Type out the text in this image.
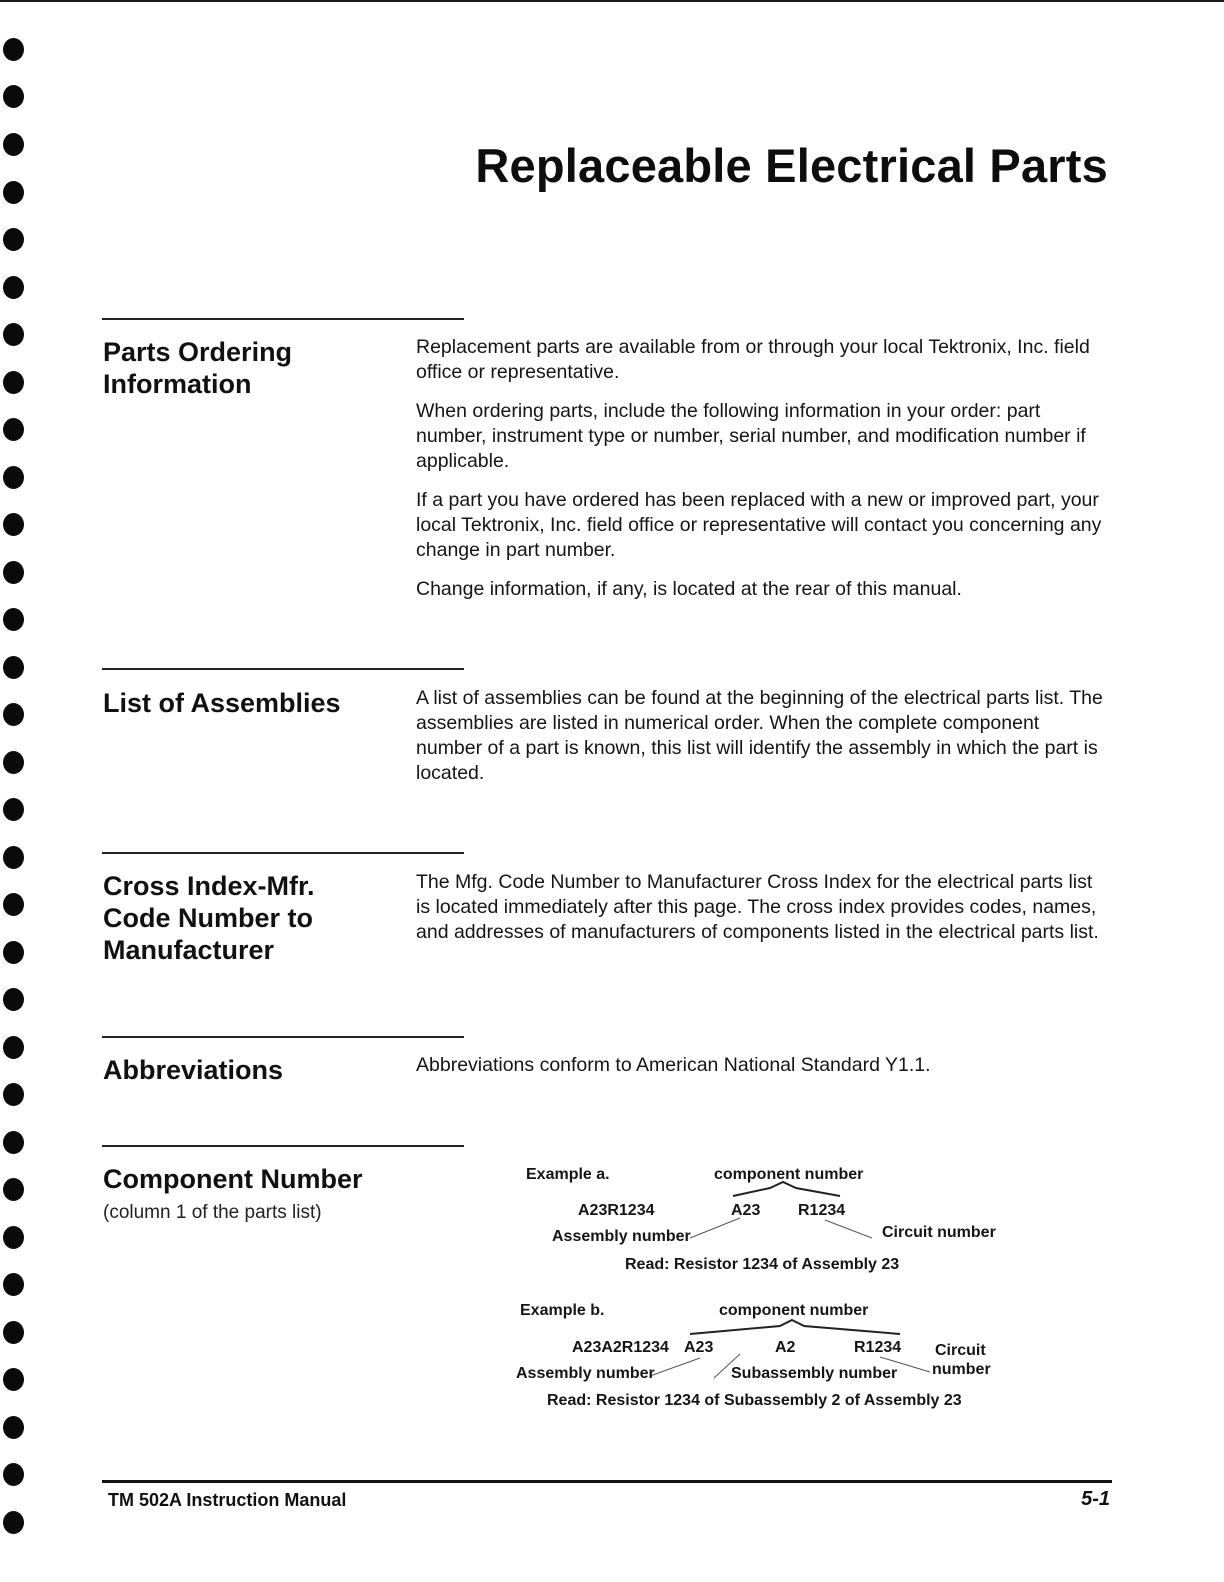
Replaceable Electrical Parts
Parts Ordering Information

Replacement parts are available from or through your local Tektronix, Inc. field office or representative.

When ordering parts, include the following information in your order: part number, instrument type or number, serial number, and modification number if applicable.

If a part you have ordered has been replaced with a new or improved part, your local Tektronix, Inc. field office or representative will contact you concerning any change in part number.

Change information, if any, is located at the rear of this manual.

List of Assemblies	A list of assemblies can be found at the beginning of the electrical parts list. The assemblies are listed in numerical order. When the complete component number of a part is known, this list will identify the assembly in which the part is located.

Cross Index-Mfr. Code Number to Manufacturer

The Mfg. Code Number to Manufacturer Cross Index for the electrical parts list is located immediately after this page. The cross index provides codes, names, and addresses of manufacturers of components listed in the electrical parts list.

Abbreviations	Abbreviations conform to American National Standard Y1.1.

Component Number
(column 1 of the parts list)
Example a.	component number
A23R1234	A23 R1234
Assembly number	Circuit number
Read: Resistor 1234 of Assembly 23
Example b.	component number
A23A2R1234 A23	A2	R1234 Circuit
number
Assembly number	Subassembly number
Read: Resistor 1234 of Subassembly 2 of Assembly 23
TM 502A Instruction Manual	5-1
